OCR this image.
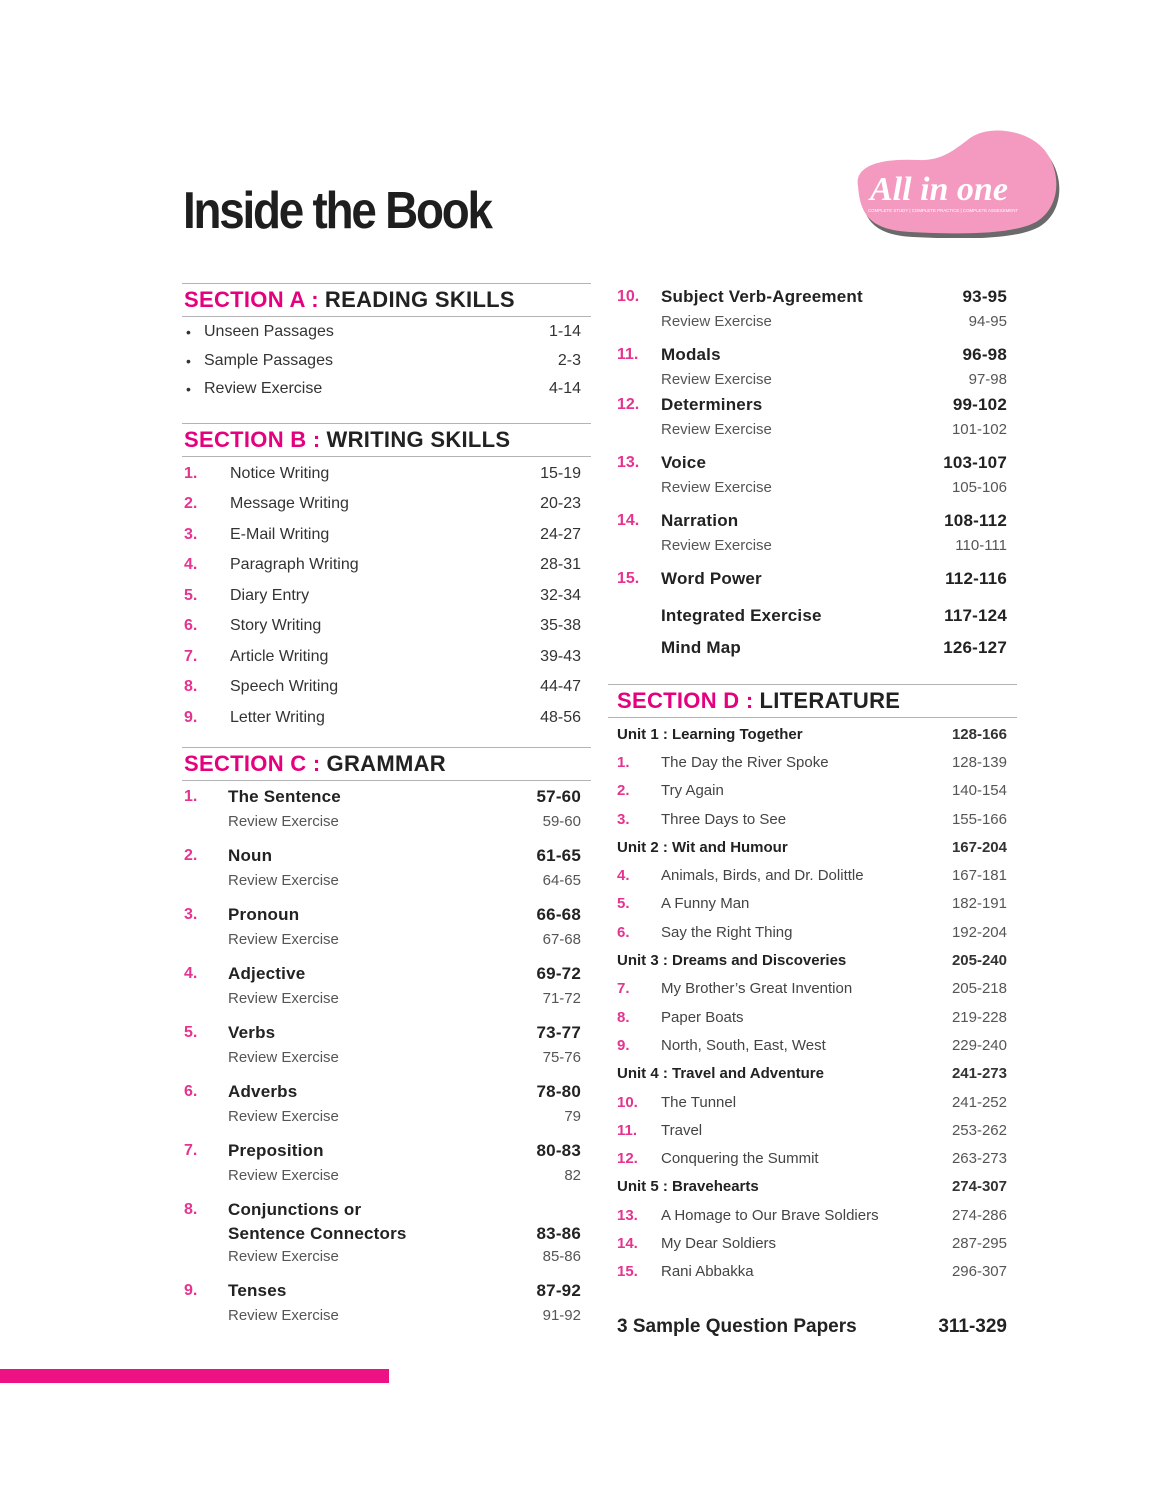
Inside the Book	All in one
COMPLETE STUDY | COMPLETE PRACTICE | COMPLETE ASSESSMENT
SECTION A : READING SKILLS
• Unseen Passages	1-14
• Sample Passages	2-3
• Review Exercise	4-14
SECTION B : WRITING SKILLS
1.	Notice Writing	15-19
2.	Message Writing	20-23
3.	E-Mail Writing	24-27
4.	Paragraph Writing	28-31
5.	Diary Entry	32-34
6.	Story Writing	35-38
7.	Article Writing	39-43
8.	Speech Writing	44-47
9.	Letter Writing	48-56
SECTION C : GRAMMAR
1.	The Sentence	57-60
Review Exercise	59-60
2.	Noun	61-65
Review Exercise	64-65
3.	Pronoun	66-68
Review Exercise	67-68
4.	Adjective	69-72
Review Exercise	71-72
5.	Verbs	73-77
Review Exercise	75-76
6.	Adverbs	78-80
Review Exercise	79
7.	Preposition	80-83
Review Exercise	82
8.	Conjunctions or
Sentence Connectors	83-86
Review Exercise	85-86
9.	Tenses	87-92
Review Exercise	91-92
10.	Subject Verb-Agreement	93-95
Review Exercise	94-95
11.	Modals	96-98
Review Exercise	97-98
12.	Determiners	99-102
Review Exercise	101-102
13.	Voice	103-107
Review Exercise	105-106
14.	Narration	108-112
Review Exercise	110-111
15.	Word Power	112-116
Integrated Exercise	117-124
Mind Map	126-127
SECTION D : LITERATURE
Unit 1 : Learning Together	128-166
1.	The Day the River Spoke	128-139
2.	Try Again	140-154
3.	Three Days to See	155-166
Unit 2 : Wit and Humour	167-204
4.	Animals, Birds, and Dr. Dolittle	167-181
5.	A Funny Man	182-191
6.	Say the Right Thing	192-204
Unit 3 : Dreams and Discoveries	205-240
7.	My Brother’s Great Invention	205-218
8.	Paper Boats	219-228
9.	North, South, East, West	229-240
Unit 4 : Travel and Adventure	241-273
10.	The Tunnel	241-252
11.	Travel	253-262
12.	Conquering the Summit	263-273
Unit 5 : Bravehearts	274-307
13.	A Homage to Our Brave Soldiers	274-286
14.	My Dear Soldiers	287-295
15.	Rani Abbakka	296-307
3 Sample Question Papers	311-329
